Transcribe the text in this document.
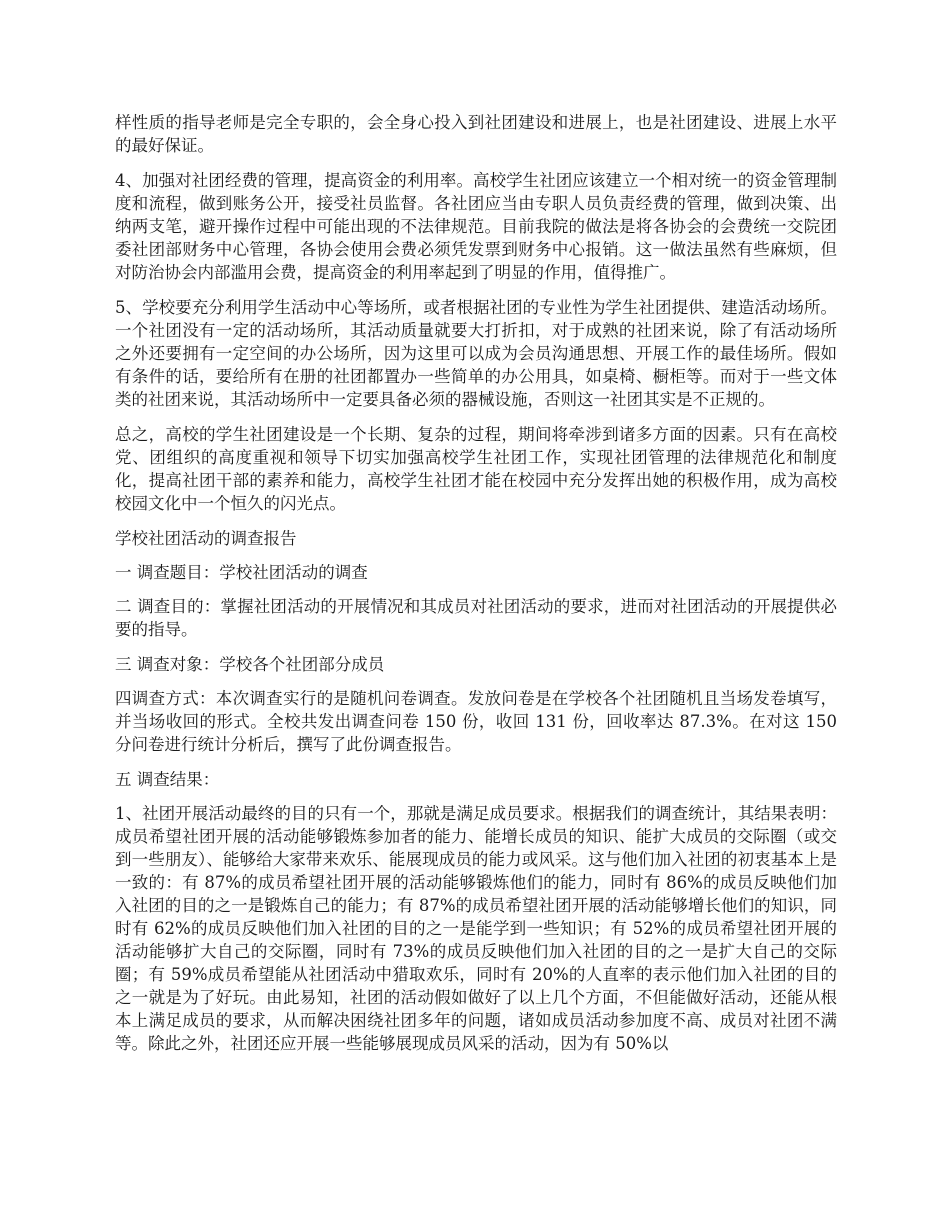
样性质的指导老师是完全专职的，会全身心投入到社团建设和进展上，也是社团建设、进展上水平的最好保证。

4、加强对社团经费的管理，提高资金的利用率。高校学生社团应该建立一个相对统一的资金管理制度和流程，做到账务公开，接受社员监督。各社团应当由专职人员负责经费的管理，做到决策、出纳两支笔，避开操作过程中可能出现的不法律规范。目前我院的做法是将各协会的会费统一交院团委社团部财务中心管理，各协会使用会费必须凭发票到财务中心报销。这一做法虽然有些麻烦，但对防治协会内部滥用会费，提高资金的利用率起到了明显的作用，值得推广。

5、学校要充分利用学生活动中心等场所，或者根据社团的专业性为学生社团提供、建造活动场所。一个社团没有一定的活动场所，其活动质量就要大打折扣，对于成熟的社团来说，除了有活动场所之外还要拥有一定空间的办公场所，因为这里可以成为会员沟通思想、开展工作的最佳场所。假如有条件的话，要给所有在册的社团都置办一些简单的办公用具，如桌椅、橱柜等。而对于一些文体类的社团来说，其活动场所中一定要具备必须的器械设施，否则这一社团其实是不正规的。

总之，高校的学生社团建设是一个长期、复杂的过程，期间将牵涉到诸多方面的因素。只有在高校党、团组织的高度重视和领导下切实加强高校学生社团工作，实现社团管理的法律规范化和制度化，提高社团干部的素养和能力，高校学生社团才能在校园中充分发挥出她的积极作用，成为高校校园文化中一个恒久的闪光点。

学校社团活动的调查报告

一 调查题目：学校社团活动的调查

二 调查目的：掌握社团活动的开展情况和其成员对社团活动的要求，进而对社团活动的开展提供必要的指导。

三 调查对象：学校各个社团部分成员

四调查方式：本次调查实行的是随机问卷调查。发放问卷是在学校各个社团随机且当场发卷填写，并当场收回的形式。全校共发出调查问卷 150 份，收回 131 份，回收率达 87.3%。在对这 150 分问卷进行统计分析后，撰写了此份调查报告。

五 调查结果：

1、社团开展活动最终的目的只有一个，那就是满足成员要求。根据我们的调查统计，其结果表明：成员希望社团开展的活动能够锻炼参加者的能力、能增长成员的知识、能扩大成员的交际圈（或交到一些朋友）、能够给大家带来欢乐、能展现成员的能力或风采。这与他们加入社团的初衷基本上是一致的：有 87%的成员希望社团开展的活动能够锻炼他们的能力，同时有 86%的成员反映他们加入社团的目的之一是锻炼自己的能力；有 87%的成员希望社团开展的活动能够增长他们的知识，同时有 62%的成员反映他们加入社团的目的之一是能学到一些知识；有 52%的成员希望社团开展的活动能够扩大自己的交际圈，同时有 73%的成员反映他们加入社团的目的之一是扩大自己的交际圈；有 59%成员希望能从社团活动中猎取欢乐，同时有 20%的人直率的表示他们加入社团的目的之一就是为了好玩。由此易知，社团的活动假如做好了以上几个方面，不但能做好活动，还能从根本上满足成员的要求，从而解决困绕社团多年的问题，诸如成员活动参加度不高、成员对社团不满等。除此之外，社团还应开展一些能够展现成员风采的活动，因为有 50%以
